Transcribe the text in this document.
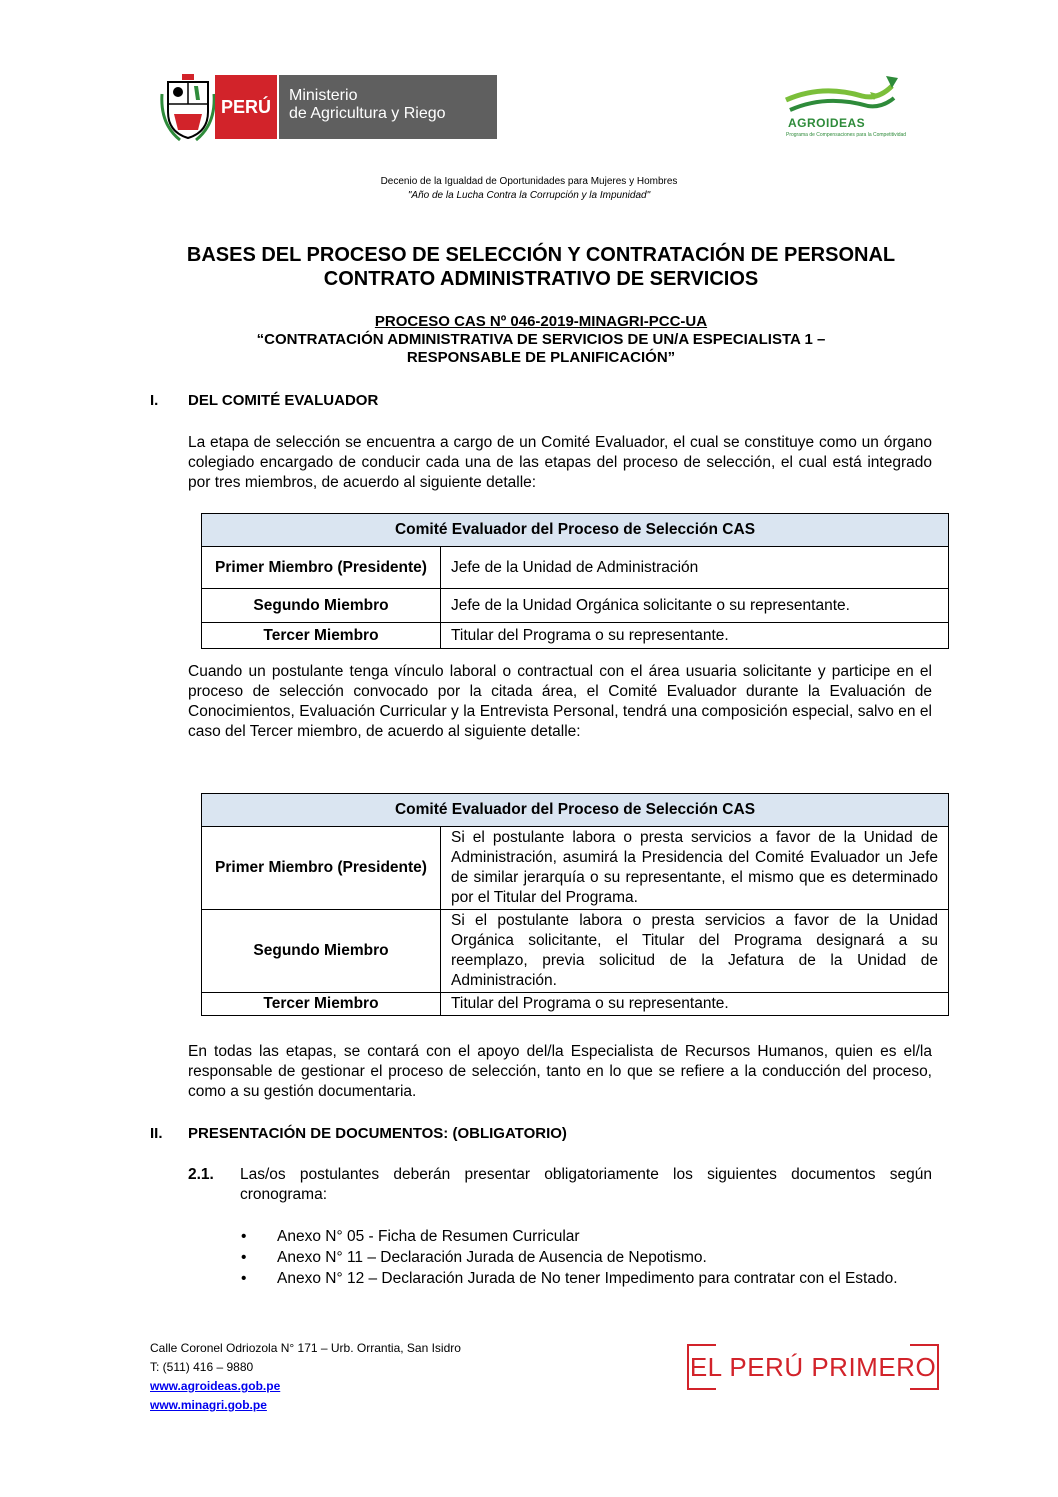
PERÚ
Ministerio
de Agricultura y Riego
AGROIDEAS
Programa de Compensaciones para la Competitividad
Decenio de la Igualdad de Oportunidades para Mujeres y Hombres
"Año de la Lucha Contra la Corrupción y la Impunidad"
BASES DEL PROCESO DE SELECCIÓN Y CONTRATACIÓN DE PERSONAL
CONTRATO ADMINISTRATIVO DE SERVICIOS
PROCESO CAS Nº 046-2019-MINAGRI-PCC-UA
“CONTRATACIÓN ADMINISTRATIVA DE SERVICIOS DE UN/A ESPECIALISTA 1 –
RESPONSABLE DE PLANIFICACIÓN”
I. DEL COMITÉ EVALUADOR
La etapa de selección se encuentra a cargo de un Comité Evaluador, el cual se constituye como un órgano colegiado encargado de conducir cada una de las etapas del proceso de selección, el cual está integrado por tres miembros, de acuerdo al siguiente detalle:
Comité Evaluador del Proceso de Selección CAS	
Primer Miembro (Presidente)	Jefe de la Unidad de Administración
Segundo Miembro	Jefe de la Unidad Orgánica solicitante o su representante.
Tercer Miembro	Titular del Programa o su representante.
Cuando un postulante tenga vínculo laboral o contractual con el área usuaria solicitante y participe en el proceso de selección convocado por la citada área, el Comité Evaluador durante la Evaluación de Conocimientos, Evaluación Curricular y la Entrevista Personal, tendrá una composición especial, salvo en el caso del Tercer miembro, de acuerdo al siguiente detalle:
Comité Evaluador del Proceso de Selección CAS	
Primer Miembro (Presidente)	Si el postulante labora o presta servicios a favor de la Unidad de Administración, asumirá la Presidencia del Comité Evaluador un Jefe de similar jerarquía o su representante, el mismo que es determinado por el Titular del Programa.
Segundo Miembro	Si el postulante labora o presta servicios a favor de la Unidad Orgánica solicitante, el Titular del Programa designará a su reemplazo, previa solicitud de la Jefatura de la Unidad de Administración.
Tercer Miembro	Titular del Programa o su representante.
En todas las etapas, se contará con el apoyo del/la Especialista de Recursos Humanos, quien es el/la responsable de gestionar el proceso de selección, tanto en lo que se refiere a la conducción del proceso, como a su gestión documentaria.
II. PRESENTACIÓN DE DOCUMENTOS: (OBLIGATORIO)
2.1. Las/os postulantes deberán presentar obligatoriamente los siguientes documentos según cronograma:
• Anexo N° 05 - Ficha de Resumen Curricular
• Anexo N° 11 – Declaración Jurada de Ausencia de Nepotismo.
• Anexo N° 12 – Declaración Jurada de No tener Impedimento para contratar con el Estado.
Calle Coronel Odriozola N° 171 – Urb. Orrantia, San Isidro
T: (511) 416 – 9880
www.agroideas.gob.pe
www.minagri.gob.pe
EL PERÚ PRIMERO
